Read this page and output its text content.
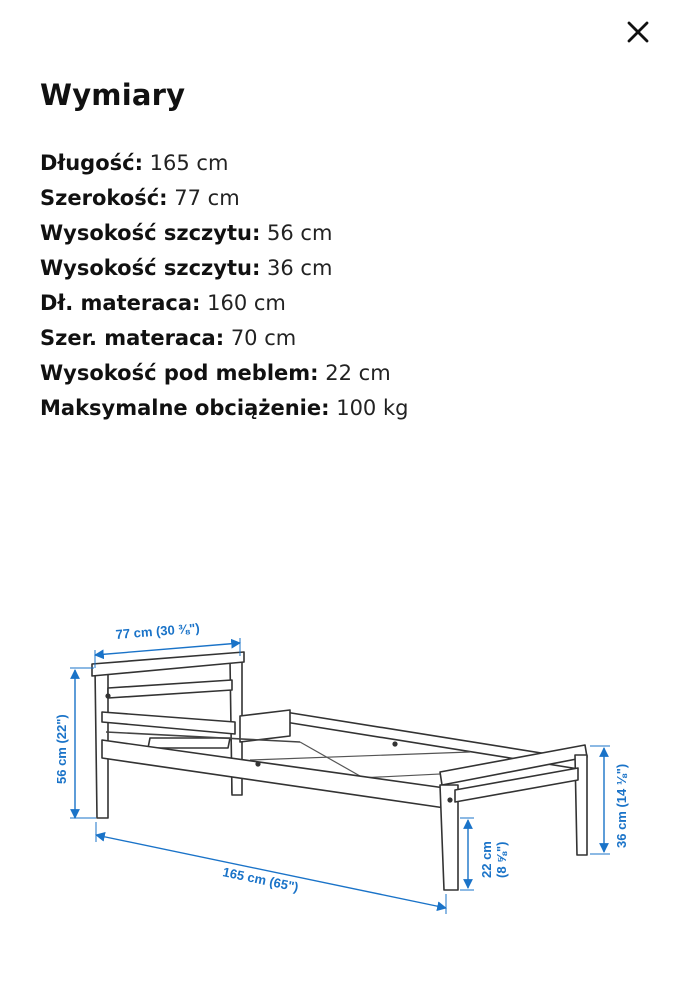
Wymiary
Długość: 165 cm
Szerokość: 77 cm
Wysokość szczytu: 56 cm
Wysokość szczytu: 36 cm
Dł. materaca: 160 cm
Szer. materaca: 70 cm
Wysokość pod meblem: 22 cm
Maksymalne obciążenie: 100 kg
77 cm (30 ⅜")
56 cm (22")
36 cm (14 ⅛")
22 cm (8 ⅝")
165 cm (65")
